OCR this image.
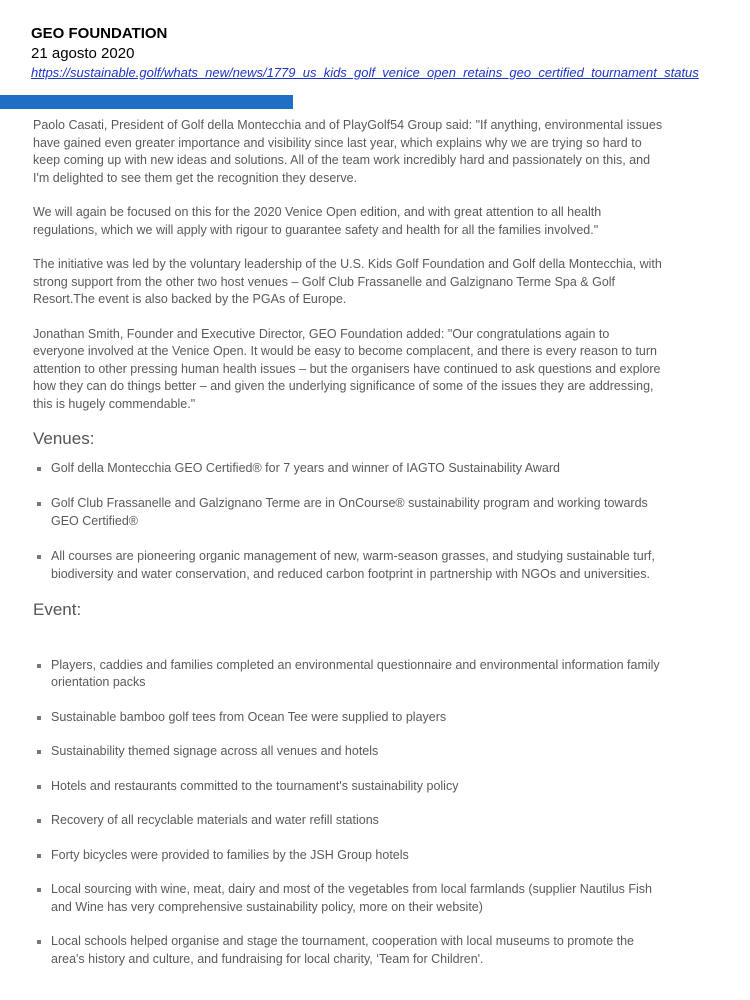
GEO FOUNDATION
21 agosto 2020
https://sustainable.golf/whats_new/news/1779_us_kids_golf_venice_open_retains_geo_certified_tournament_status

Paolo Casati, President of Golf della Montecchia and of PlayGolf54 Group said: "If anything, environmental issues have gained even greater importance and visibility since last year, which explains why we are trying so hard to keep coming up with new ideas and solutions. All of the team work incredibly hard and passionately on this, and I'm delighted to see them get the recognition they deserve.

We will again be focused on this for the 2020 Venice Open edition, and with great attention to all health regulations, which we will apply with rigour to guarantee safety and health for all the families involved."

The initiative was led by the voluntary leadership of the U.S. Kids Golf Foundation and Golf della Montecchia, with strong support from the other two host venues – Golf Club Frassanelle and Galzignano Terme Spa & Golf Resort.The event is also backed by the PGAs of Europe.

Jonathan Smith, Founder and Executive Director, GEO Foundation added: "Our congratulations again to everyone involved at the Venice Open. It would be easy to become complacent, and there is every reason to turn attention to other pressing human health issues – but the organisers have continued to ask questions and explore how they can do things better – and given the underlying significance of some of the issues they are addressing, this is hugely commendable."

Venues:
Golf della Montecchia GEO Certified® for 7 years and winner of IAGTO Sustainability Award
Golf Club Frassanelle and Galzignano Terme are in OnCourse® sustainability program and working towards GEO Certified®
All courses are pioneering organic management of new, warm-season grasses, and studying sustainable turf, biodiversity and water conservation, and reduced carbon footprint in partnership with NGOs and universities.
Event:
Players, caddies and families completed an environmental questionnaire and environmental information family orientation packs
Sustainable bamboo golf tees from Ocean Tee were supplied to players
Sustainability themed signage across all venues and hotels
Hotels and restaurants committed to the tournament's sustainability policy
Recovery of all recyclable materials and water refill stations
Forty bicycles were provided to families by the JSH Group hotels
Local sourcing with wine, meat, dairy and most of the vegetables from local farmlands (supplier Nautilus Fish and Wine has very comprehensive sustainability policy, more on their website)
Local schools helped organise and stage the tournament, cooperation with local museums to promote the area's history and culture, and fundraising for local charity, ‘Team for Children'.
